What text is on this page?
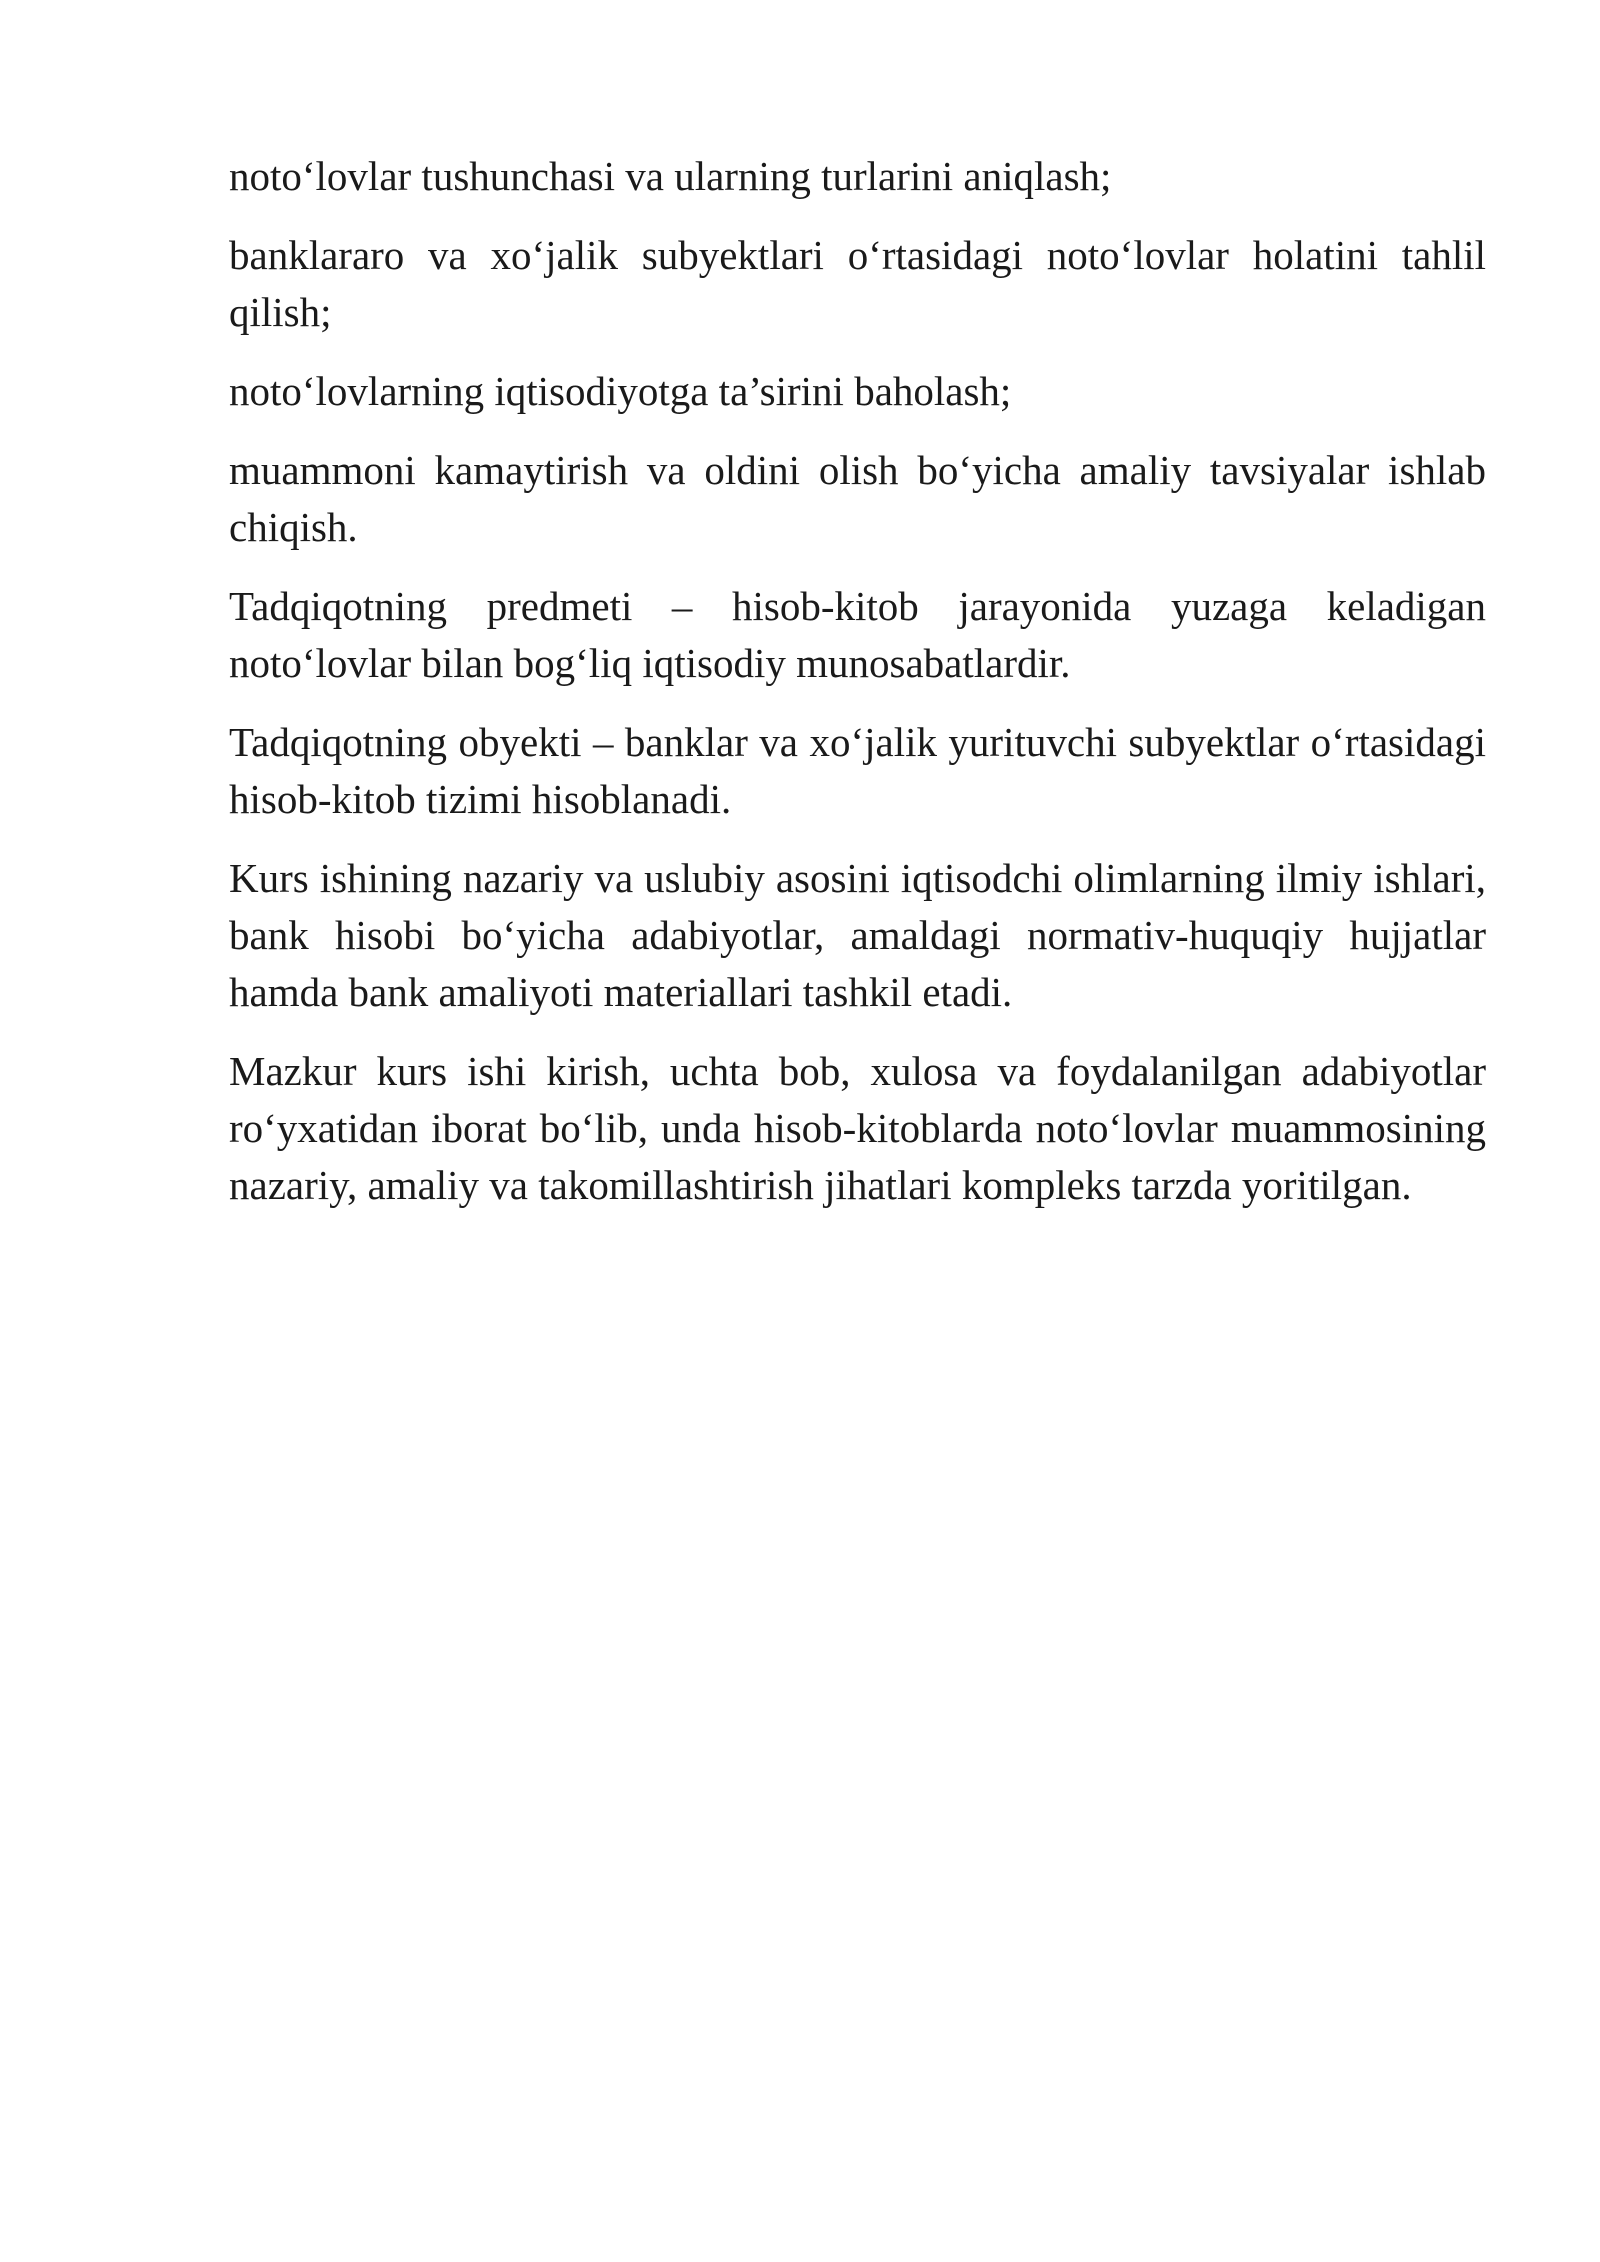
noto‘lovlar tushunchasi va ularning turlarini aniqlash;

banklararo va xo‘jalik subyektlari o‘rtasidagi noto‘lovlar holatini tahlil qilish;

noto‘lovlarning iqtisodiyotga ta’sirini baholash;

muammoni kamaytirish va oldini olish bo‘yicha amaliy tavsiyalar ishlab chiqish.

Tadqiqotning predmeti – hisob-kitob jarayonida yuzaga keladigan noto‘lovlar bilan bog‘liq iqtisodiy munosabatlardir.

Tadqiqotning obyekti – banklar va xo‘jalik yurituvchi subyektlar o‘rtasidagi hisob-kitob tizimi hisoblanadi.

Kurs ishining nazariy va uslubiy asosini iqtisodchi olimlarning ilmiy ishlari, bank hisobi bo‘yicha adabiyotlar, amaldagi normativ-huquqiy hujjatlar hamda bank amaliyoti materiallari tashkil etadi.

Mazkur kurs ishi kirish, uchta bob, xulosa va foydalanilgan adabiyotlar ro‘yxatidan iborat bo‘lib, unda hisob-kitoblarda noto‘lovlar muammosining nazariy, amaliy va takomillashtirish jihatlari kompleks tarzda yoritilgan.
